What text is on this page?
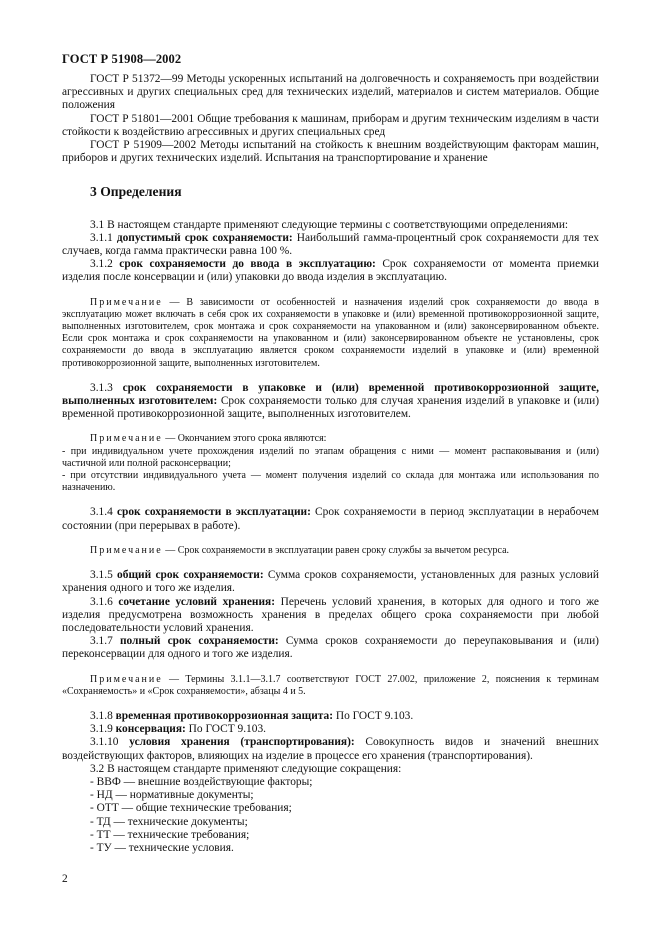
ГОСТ Р 51908—2002

ГОСТ Р 51372—99 Методы ускоренных испытаний на долговечность и сохраняемость при воздействии агрессивных и других специальных сред для технических изделий, материалов и систем материалов. Общие положения

ГОСТ Р 51801—2001 Общие требования к машинам, приборам и другим техническим изделиям в части стойкости к воздействию агрессивных и других специальных сред

ГОСТ Р 51909—2002 Методы испытаний на стойкость к внешним воздействующим факторам машин, приборов и других технических изделий. Испытания на транспортирование и хранение

3 Определения

3.1 В настоящем стандарте применяют следующие термины с соответствующими определениями:

3.1.1 допустимый срок сохраняемости: Наибольший гамма-процентный срок сохраняемости для тех случаев, когда гамма практически равна 100 %.

3.1.2 срок сохраняемости до ввода в эксплуатацию: Срок сохраняемости от момента приемки изделия после консервации и (или) упаковки до ввода изделия в эксплуатацию.

Примечание — В зависимости от особенностей и назначения изделий срок сохраняемости до ввода в эксплуатацию может включать в себя срок их сохраняемости в упаковке и (или) временной противокоррозионной защите, выполненных изготовителем, срок монтажа и срок сохраняемости на упакованном и (или) законсервированном объекте. Если срок монтажа и срок сохраняемости на упакованном и (или) законсервированном объекте не установлены, срок сохраняемости до ввода в эксплуатацию является сроком сохраняемости изделий в упаковке и (или) временной противокоррозионной защите, выполненных изготовителем.

3.1.3 срок сохраняемости в упаковке и (или) временной противокоррозионной защите, выполненных изготовителем: Срок сохраняемости только для случая хранения изделий в упаковке и (или) временной противокоррозионной защите, выполненных изготовителем.

Примечание — Окончанием этого срока являются:

- при индивидуальном учете прохождения изделий по этапам обращения с ними — момент распаковывания и (или) частичной или полной расконсервации;

- при отсутствии индивидуального учета — момент получения изделий со склада для монтажа или использования по назначению.

3.1.4 срок сохраняемости в эксплуатации: Срок сохраняемости в период эксплуатации в нерабочем состоянии (при перерывах в работе).

Примечание — Срок сохраняемости в эксплуатации равен сроку службы за вычетом ресурса.

3.1.5 общий срок сохраняемости: Сумма сроков сохраняемости, установленных для разных условий хранения одного и того же изделия.

3.1.6 сочетание условий хранения: Перечень условий хранения, в которых для одного и того же изделия предусмотрена возможность хранения в пределах общего срока сохраняемости при любой последовательности условий хранения.

3.1.7 полный срок сохраняемости: Сумма сроков сохраняемости до переупаковывания и (или) переконсервации для одного и того же изделия.

Примечание — Термины 3.1.1—3.1.7 соответствуют ГОСТ 27.002, приложение 2, пояснения к терминам «Сохраняемость» и «Срок сохраняемости», абзацы 4 и 5.

3.1.8 временная противокоррозионная защита: По ГОСТ 9.103.

3.1.9 консервация: По ГОСТ 9.103.

3.1.10 условия хранения (транспортирования): Совокупность видов и значений внешних воздействующих факторов, влияющих на изделие в процессе его хранения (транспортирования).

3.2 В настоящем стандарте применяют следующие сокращения:

- ВВФ — внешние воздействующие факторы;
- НД — нормативные документы;
- ОТТ — общие технические требования;
- ТД — технические документы;
- ТТ — технические требования;
- ТУ — технические условия.
2
